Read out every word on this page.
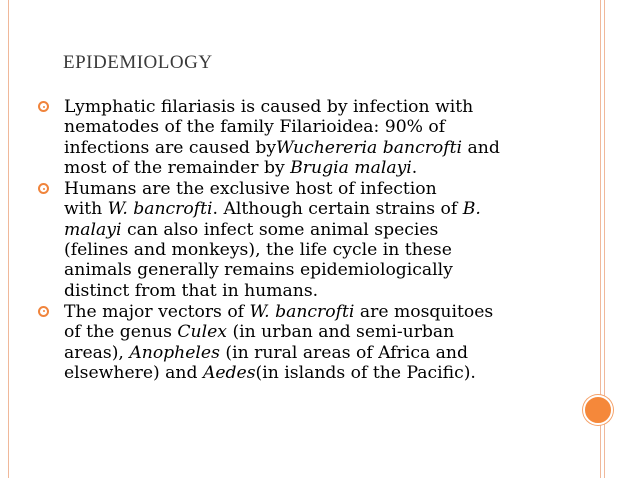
EPIDEMIOLOGY
Lymphatic filariasis is caused by infection with
nematodes of the family Filarioidea: 90% of
infections are caused byWuchereria bancrofti and
most of the remainder by Brugia malayi.
Humans are the exclusive host of infection
with W. bancrofti. Although certain strains of B.
malayi can also infect some animal species
(felines and monkeys), the life cycle in these
animals generally remains epidemiologically
distinct from that in humans.
The major vectors of W. bancrofti are mosquitoes
of the genus Culex (in urban and semi-urban
areas), Anopheles (in rural areas of Africa and
elsewhere) and Aedes(in islands of the Pacific).
